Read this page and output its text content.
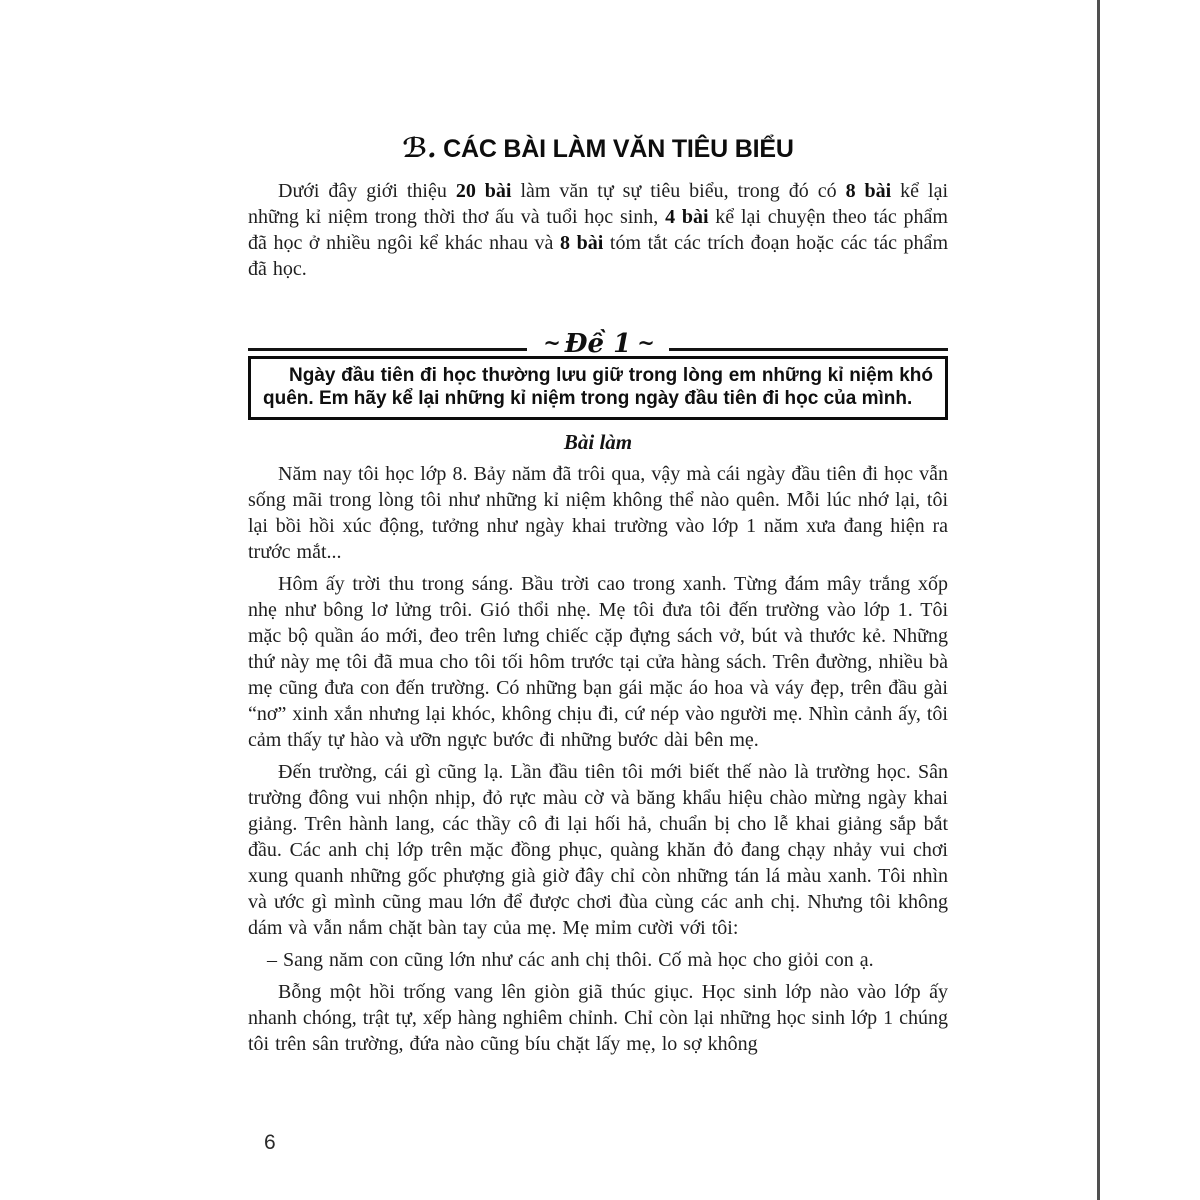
ℬ. CÁC BÀI LÀM VĂN TIÊU BIỂU

Dưới đây giới thiệu 20 bài làm văn tự sự tiêu biểu, trong đó có 8 bài kể lại những kỉ niệm trong thời thơ ấu và tuổi học sinh, 4 bài kể lại chuyện theo tác phẩm đã học ở nhiều ngôi kể khác nhau và 8 bài tóm tắt các trích đoạn hoặc các tác phẩm đã học.

~ Đề 1 ~

Ngày đầu tiên đi học thường lưu giữ trong lòng em những kỉ niệm khó quên. Em hãy kể lại những kỉ niệm trong ngày đầu tiên đi học của mình.

Bài làm

Năm nay tôi học lớp 8. Bảy năm đã trôi qua, vậy mà cái ngày đầu tiên đi học vẫn sống mãi trong lòng tôi như những kỉ niệm không thể nào quên. Mỗi lúc nhớ lại, tôi lại bồi hồi xúc động, tưởng như ngày khai trường vào lớp 1 năm xưa đang hiện ra trước mắt...

Hôm ấy trời thu trong sáng. Bầu trời cao trong xanh. Từng đám mây trắng xốp nhẹ như bông lơ lửng trôi. Gió thổi nhẹ. Mẹ tôi đưa tôi đến trường vào lớp 1. Tôi mặc bộ quần áo mới, đeo trên lưng chiếc cặp đựng sách vở, bút và thước kẻ. Những thứ này mẹ tôi đã mua cho tôi tối hôm trước tại cửa hàng sách. Trên đường, nhiều bà mẹ cũng đưa con đến trường. Có những bạn gái mặc áo hoa và váy đẹp, trên đầu gài “nơ” xinh xắn nhưng lại khóc, không chịu đi, cứ nép vào người mẹ. Nhìn cảnh ấy, tôi cảm thấy tự hào và ưỡn ngực bước đi những bước dài bên mẹ.

Đến trường, cái gì cũng lạ. Lần đầu tiên tôi mới biết thế nào là trường học. Sân trường đông vui nhộn nhịp, đỏ rực màu cờ và băng khẩu hiệu chào mừng ngày khai giảng. Trên hành lang, các thầy cô đi lại hối hả, chuẩn bị cho lễ khai giảng sắp bắt đầu. Các anh chị lớp trên mặc đồng phục, quàng khăn đỏ đang chạy nhảy vui chơi xung quanh những gốc phượng già giờ đây chỉ còn những tán lá màu xanh. Tôi nhìn và ước gì mình cũng mau lớn để được chơi đùa cùng các anh chị. Nhưng tôi không dám và vẫn nắm chặt bàn tay của mẹ. Mẹ mỉm cười với tôi:

– Sang năm con cũng lớn như các anh chị thôi. Cố mà học cho giỏi con ạ.

Bỗng một hồi trống vang lên giòn giã thúc giục. Học sinh lớp nào vào lớp ấy nhanh chóng, trật tự, xếp hàng nghiêm chỉnh. Chỉ còn lại những học sinh lớp 1 chúng tôi trên sân trường, đứa nào cũng bíu chặt lấy mẹ, lo sợ không

6
